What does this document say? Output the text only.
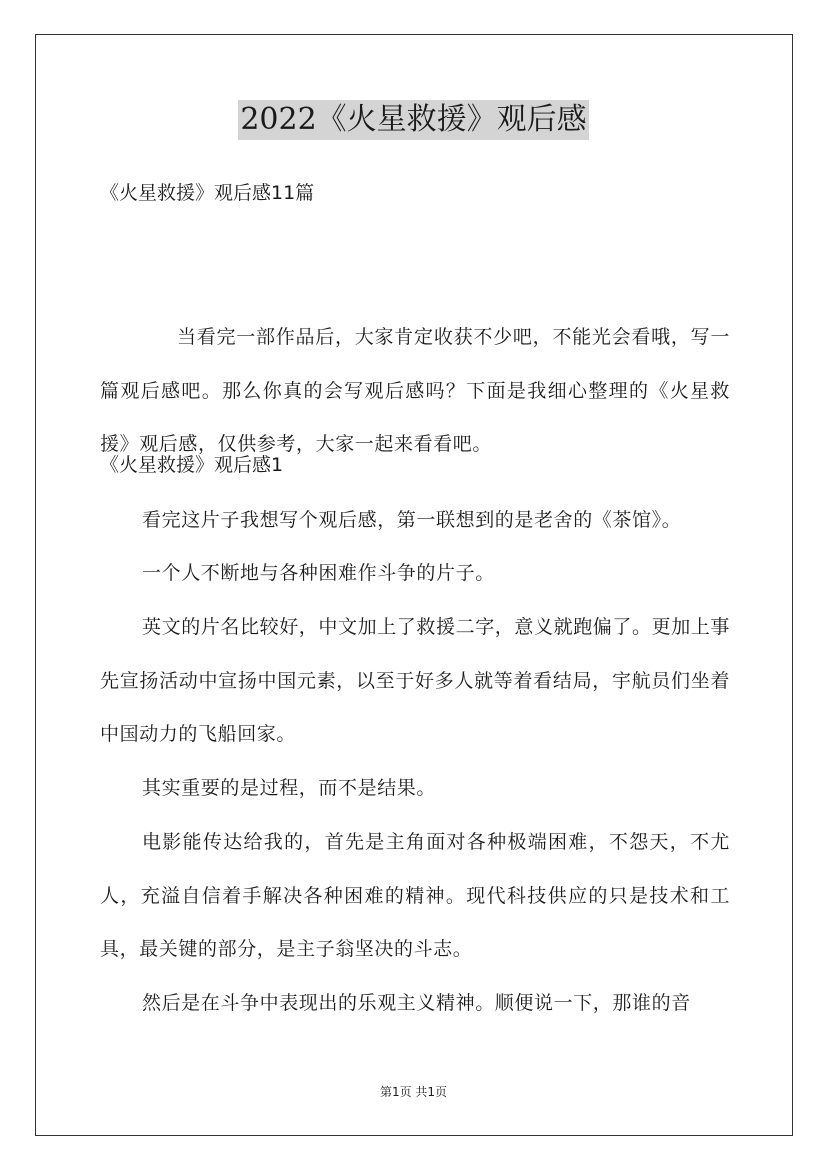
2022《火星救援》观后感

《火星救援》观后感11篇

当看完一部作品后，大家肯定收获不少吧，不能光会看哦，写一篇观后感吧。那么你真的会写观后感吗？下面是我细心整理的《火星救援》观后感，仅供参考，大家一起来看看吧。

《火星救援》观后感1

看完这片子我想写个观后感，第一联想到的是老舍的《茶馆》。

一个人不断地与各种困难作斗争的片子。

英文的片名比较好，中文加上了救援二字，意义就跑偏了。更加上事先宣扬活动中宣扬中国元素，以至于好多人就等着看结局，宇航员们坐着中国动力的飞船回家。

其实重要的是过程，而不是结果。

电影能传达给我的，首先是主角面对各种极端困难，不怨天，不尤人，充溢自信着手解决各种困难的精神。现代科技供应的只是技术和工具，最关键的部分，是主子翁坚决的斗志。

然后是在斗争中表现出的乐观主义精神。顺便说一下，那谁的音

第1页 共1页
